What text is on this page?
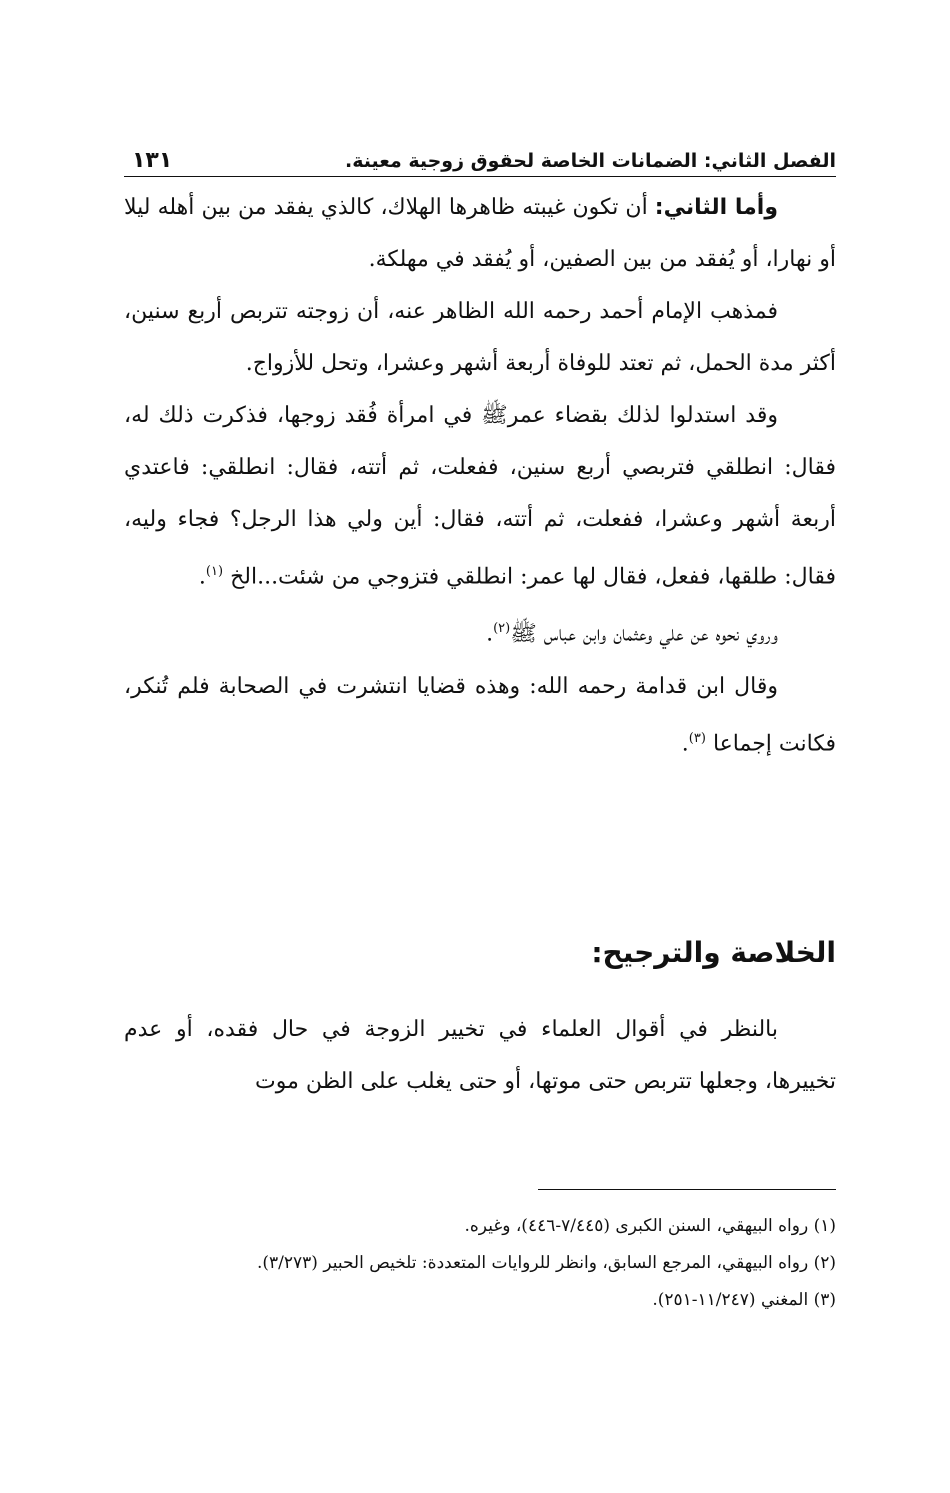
الفصل الثاني: الضمانات الخاصة لحقوق زوجية معينة.
١٣١

وأما الثاني: أن تكون غيبته ظاهرها الهلاك، كالذي يفقد من بين أهله ليلا أو نهارا، أو يُفقد من بين الصفين، أو يُفقد في مهلكة.

فمذهب الإمام أحمد رحمه الله الظاهر عنه، أن زوجته تتربص أربع سنين، أكثر مدة الحمل، ثم تعتد للوفاة أربعة أشهر وعشرا، وتحل للأزواج.

وقد استدلوا لذلك بقضاء عمرﷺ في امرأة فُقد زوجها، فذكرت ذلك له، فقال: انطلقي فتربصي أربع سنين، ففعلت، ثم أتته، فقال: انطلقي: فاعتدي أربعة أشهر وعشرا، ففعلت، ثم أتته، فقال: أين ولي هذا الرجل؟ فجاء وليه، فقال: طلقها، ففعل، فقال لها عمر: انطلقي فتزوجي من شئت...الخ $^{(١)}$.

وروي نحوه عن علي وعثمان وابن عباس ﷺ$^{(٢)}$.

وقال ابن قدامة رحمه الله: وهذه قضايا انتشرت في الصحابة فلم تُنكر، فكانت إجماعا $^{(٣)}$.

الخلاصة والترجيح:

بالنظر في أقوال العلماء في تخيير الزوجة في حال فقده، أو عدم تخييرها، وجعلها تتربص حتى موتها، أو حتى يغلب على الظن موت

(١) رواه البيهقي، السنن الكبرى (٧/٤٤٥-٤٤٦)، وغيره.

(٢) رواه البيهقي، المرجع السابق، وانظر للروايات المتعددة: تلخيص الحبير (٣/٢٧٣).

(٣) المغني (١١/٢٤٧-٢٥١).
